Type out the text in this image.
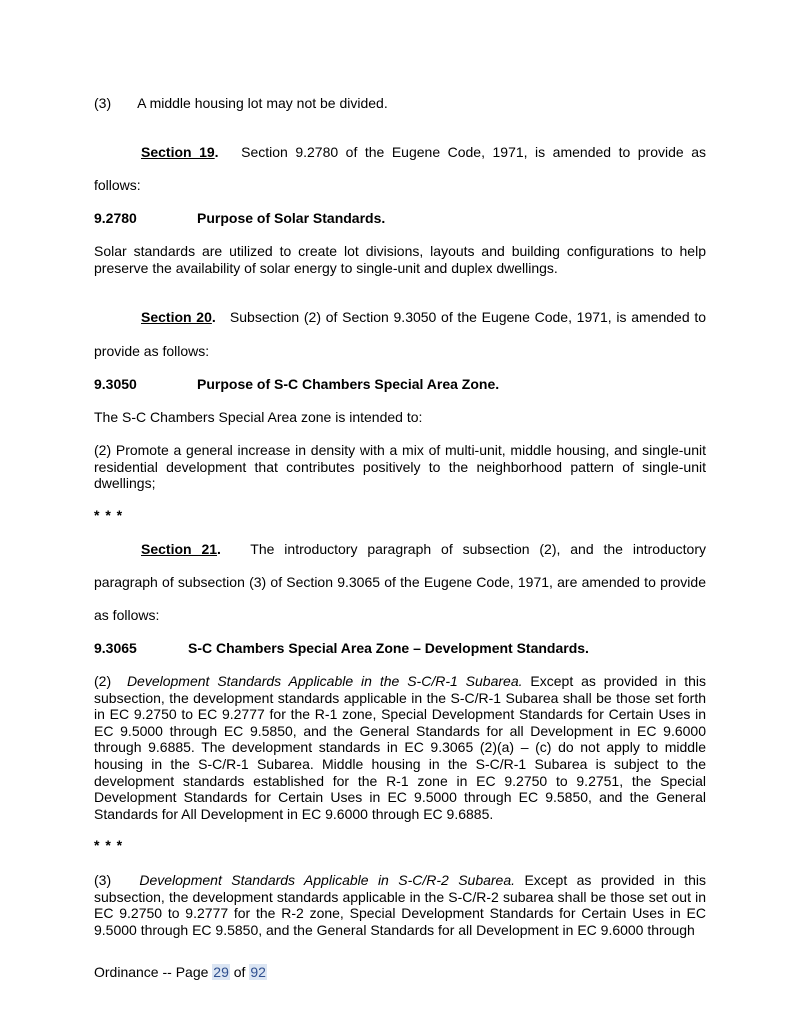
(3) A middle housing lot may not be divided.
Section 19. Section 9.2780 of the Eugene Code, 1971, is amended to provide as
follows:
9.2780	Purpose of Solar Standards.
Solar standards are utilized to create lot divisions, layouts and building configurations to help preserve the availability of solar energy to single-unit and duplex dwellings.
Section 20. Subsection (2) of Section 9.3050 of the Eugene Code, 1971, is amended to
provide as follows:
9.3050	Purpose of S-C Chambers Special Area Zone.
The S-C Chambers Special Area zone is intended to:
(2) Promote a general increase in density with a mix of multi-unit, middle housing, and single-unit residential development that contributes positively to the neighborhood pattern of single-unit dwellings;
* * *
Section 21. The introductory paragraph of subsection (2), and the introductory
paragraph of subsection (3) of Section 9.3065 of the Eugene Code, 1971, are amended to provide
as follows:
9.3065	S-C Chambers Special Area Zone – Development Standards.
(2) Development Standards Applicable in the S-C/R-1 Subarea. Except as provided in this subsection, the development standards applicable in the S-C/R-1 Subarea shall be those set forth in EC 9.2750 to EC 9.2777 for the R-1 zone, Special Development Standards for Certain Uses in EC 9.5000 through EC 9.5850, and the General Standards for all Development in EC 9.6000 through 9.6885. The development standards in EC 9.3065 (2)(a) – (c) do not apply to middle housing in the S-C/R-1 Subarea. Middle housing in the S-C/R-1 Subarea is subject to the development standards established for the R-1 zone in EC 9.2750 to 9.2751, the Special Development Standards for Certain Uses in EC 9.5000 through EC 9.5850, and the General Standards for All Development in EC 9.6000 through EC 9.6885.
* * *
(3) Development Standards Applicable in S-C/R-2 Subarea. Except as provided in this subsection, the development standards applicable in the S-C/R-2 subarea shall be those set out in EC 9.2750 to 9.2777 for the R-2 zone, Special Development Standards for Certain Uses in EC 9.5000 through EC 9.5850, and the General Standards for all Development in EC 9.6000 through
Ordinance -- Page 29 of 92
